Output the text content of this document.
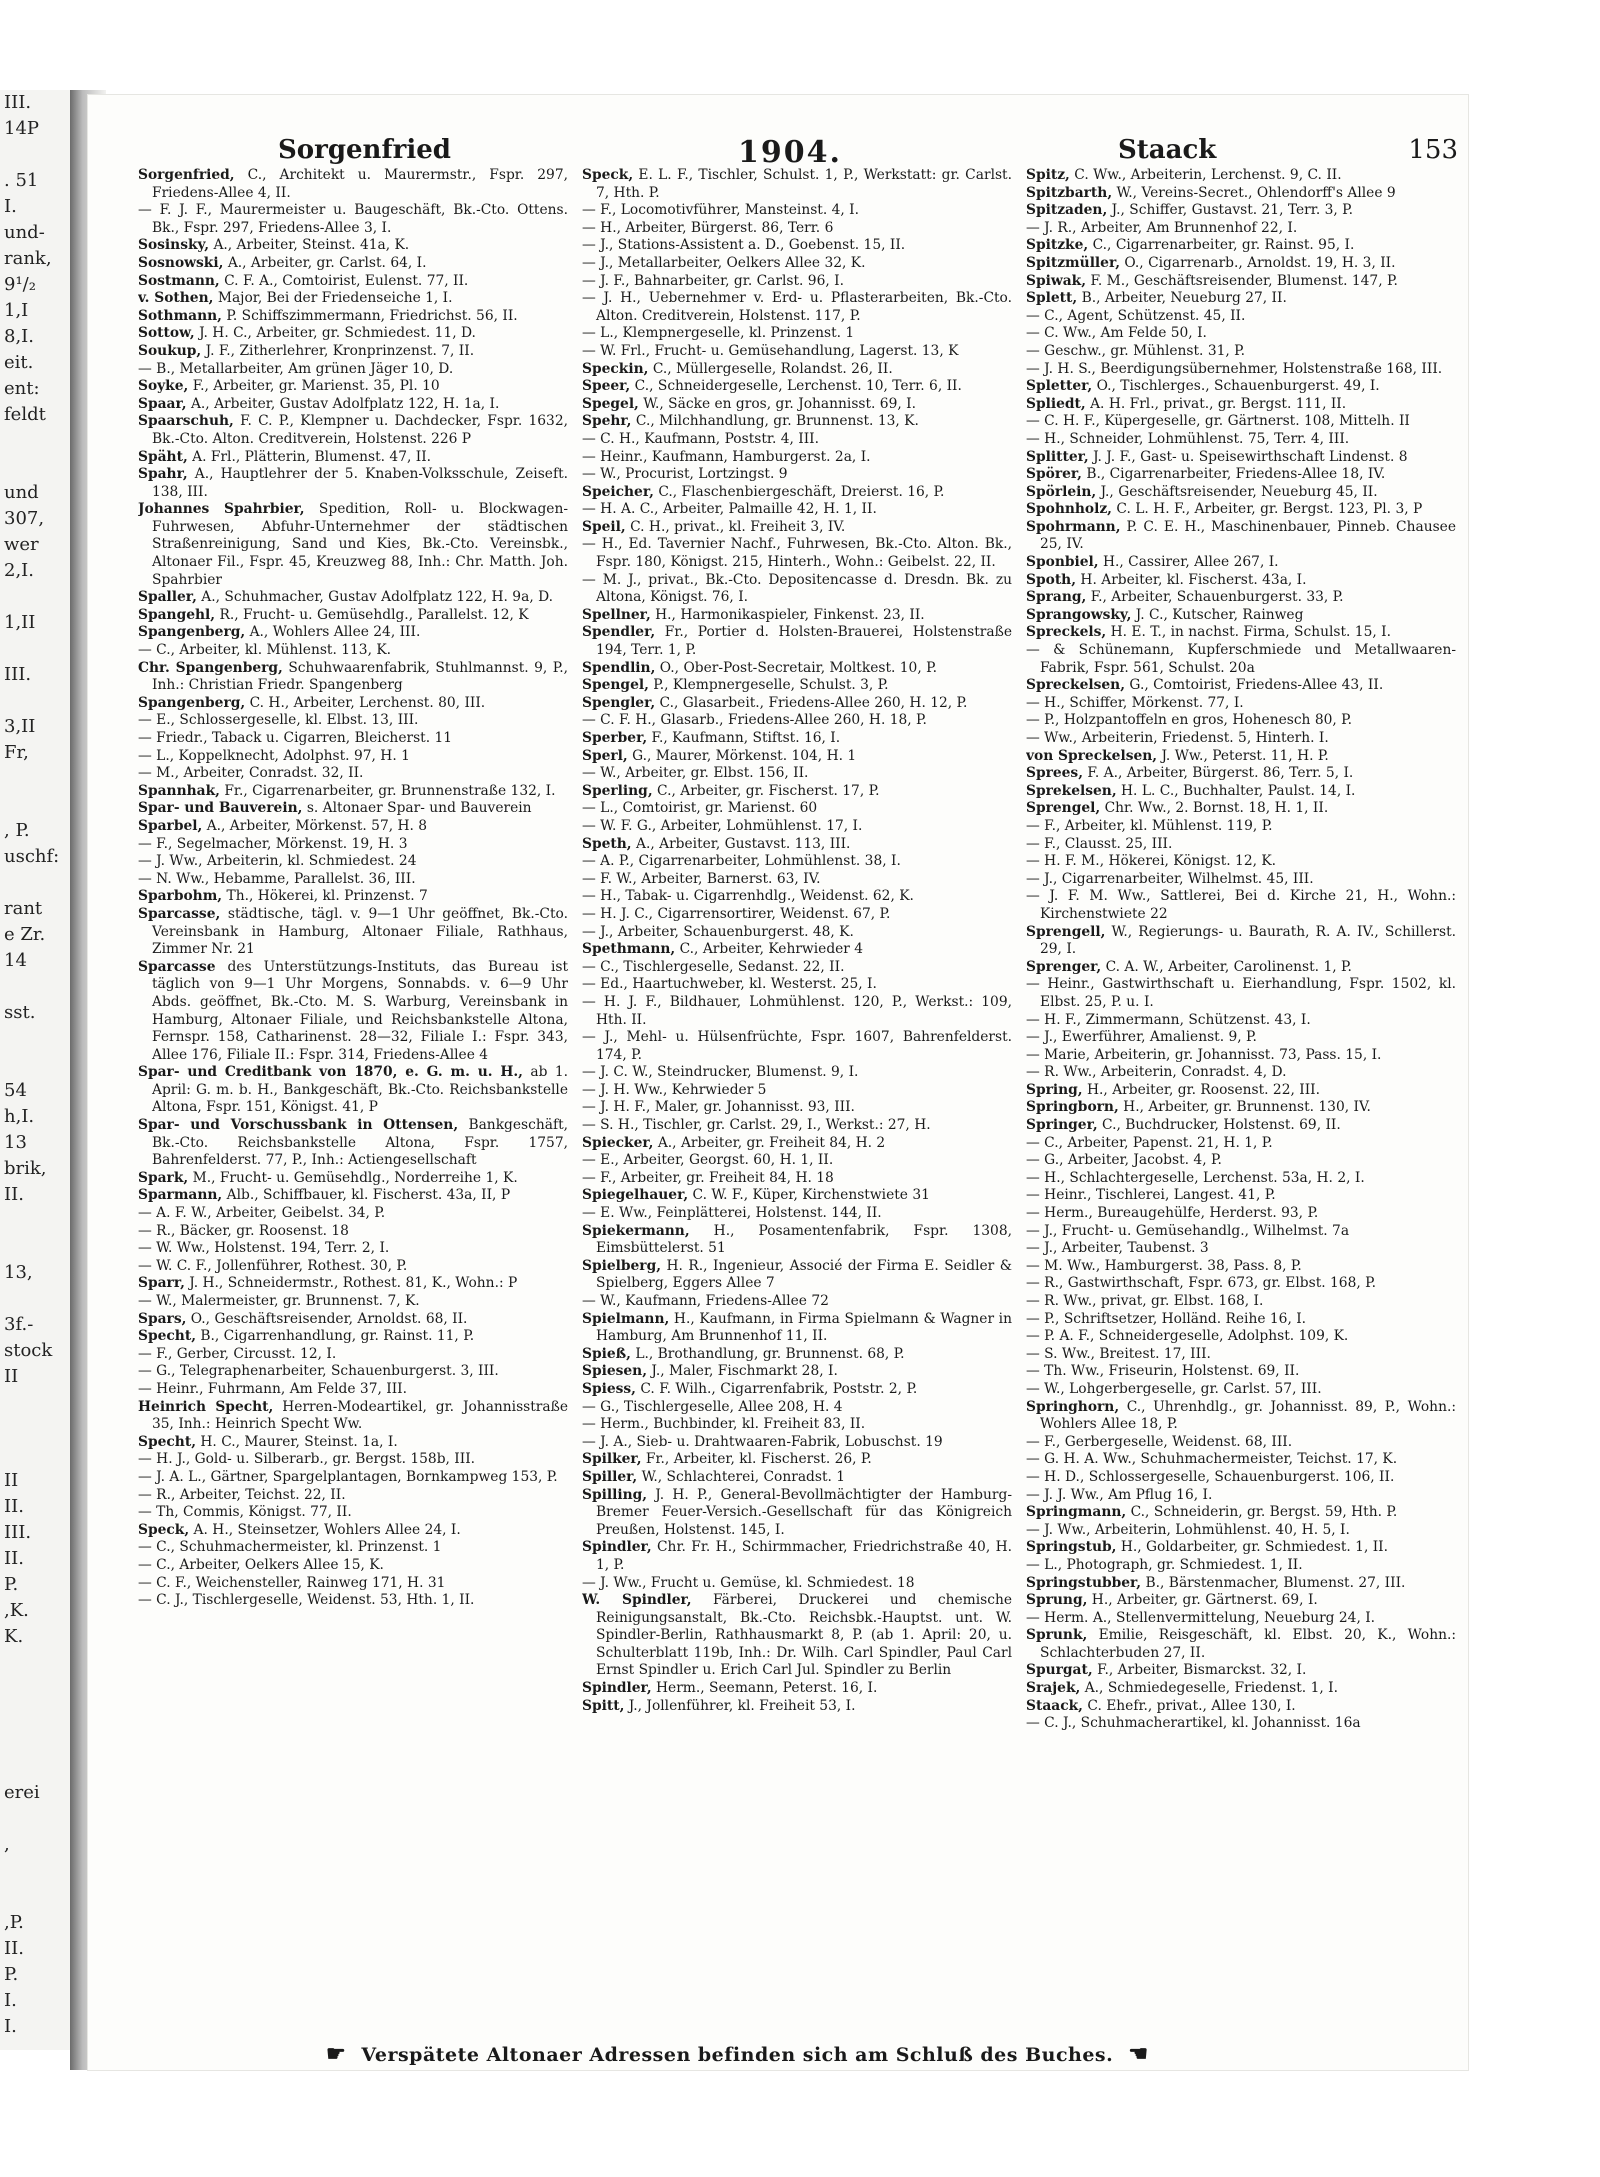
III.
14P

. 51
I.
und-
rank,
9¹/₂
1,I
8,I.
eit.
ent:
feldt

und
307,
wer
2,I.

1,II

III.

3,II
Fr,

, P.
uschf:

rant
e Zr.
14

sst.

54
h,I.
13
brik,
II.

13,

3f.-
stock
II

II
II.
III.
II.
P.
,K.
K.

erei

,

,P.
II.
P.
I.
I.
Sorgenfried	1904.	Staack	153

Sorgenfried, C., Architekt u. Maurermstr., Fspr. 297, Friedens-Allee 4, II.

— F. J. F., Maurermeister u. Baugeschäft, Bk.-Cto. Ottens. Bk., Fspr. 297, Friedens-Allee 3, I.

Sosinsky, A., Arbeiter, Steinst. 41a, K.

Sosnowski, A., Arbeiter, gr. Carlst. 64, I.

Sostmann, C. F. A., Comtoirist, Eulenst. 77, II.

v. Sothen, Major, Bei der Friedenseiche 1, I.

Sothmann, P. Schiffszimmermann, Friedrichst. 56, II.

Sottow, J. H. C., Arbeiter, gr. Schmiedest. 11, D.

Soukup, J. F., Zitherlehrer, Kronprinzenst. 7, II.

— B., Metallarbeiter, Am grünen Jäger 10, D.

Soyke, F., Arbeiter, gr. Marienst. 35, Pl. 10

Spaar, A., Arbeiter, Gustav Adolfplatz 122, H. 1a, I.

Spaarschuh, F. C. P., Klempner u. Dachdecker, Fspr. 1632, Bk.-Cto. Alton. Creditverein, Holstenst. 226 P

Späht, A. Frl., Plätterin, Blumenst. 47, II.

Spahr, A., Hauptlehrer der 5. Knaben-Volksschule, Zeiseft. 138, III.

Johannes Spahrbier, Spedition, Roll- u. Blockwagen-Fuhrwesen, Abfuhr-Unternehmer der städtischen Straßenreinigung, Sand und Kies, Bk.-Cto. Vereinsbk., Altonaer Fil., Fspr. 45, Kreuzweg 88, Inh.: Chr. Matth. Joh. Spahrbier

Spaller, A., Schuhmacher, Gustav Adolfplatz 122, H. 9a, D.

Spangehl, R., Frucht- u. Gemüsehdlg., Parallelst. 12, K

Spangenberg, A., Wohlers Allee 24, III.

— C., Arbeiter, kl. Mühlenst. 113, K.

Chr. Spangenberg, Schuhwaarenfabrik, Stuhlmannst. 9, P., Inh.: Christian Friedr. Spangenberg

Spangenberg, C. H., Arbeiter, Lerchenst. 80, III.

— E., Schlossergeselle, kl. Elbst. 13, III.

— Friedr., Taback u. Cigarren, Bleicherst. 11

— L., Koppelknecht, Adolphst. 97, H. 1

— M., Arbeiter, Conradst. 32, II.

Spannhak, Fr., Cigarrenarbeiter, gr. Brunnenstraße 132, I.

Spar- und Bauverein, s. Altonaer Spar- und Bauverein

Sparbel, A., Arbeiter, Mörkenst. 57, H. 8

— F., Segelmacher, Mörkenst. 19, H. 3

— J. Ww., Arbeiterin, kl. Schmiedest. 24

— N. Ww., Hebamme, Parallelst. 36, III.

Sparbohm, Th., Hökerei, kl. Prinzenst. 7

Sparcasse, städtische, tägl. v. 9—1 Uhr geöffnet, Bk.-Cto. Vereinsbank in Hamburg, Altonaer Filiale, Rathhaus, Zimmer Nr. 21

Sparcasse des Unterstützungs-Instituts, das Bureau ist täglich von 9—1 Uhr Morgens, Sonnabds. v. 6—9 Uhr Abds. geöffnet, Bk.-Cto. M. S. Warburg, Vereinsbank in Hamburg, Altonaer Filiale, und Reichsbankstelle Altona, Fernspr. 158, Catharinenst. 28—32, Filiale I.: Fspr. 343, Allee 176, Filiale II.: Fspr. 314, Friedens-Allee 4

Spar- und Creditbank von 1870, e. G. m. u. H., ab 1. April: G. m. b. H., Bankgeschäft, Bk.-Cto. Reichsbankstelle Altona, Fspr. 151, Königst. 41, P

Spar- und Vorschussbank in Ottensen, Bankgeschäft, Bk.-Cto. Reichsbankstelle Altona, Fspr. 1757, Bahrenfelderst. 77, P., Inh.: Actiengesellschaft

Spark, M., Frucht- u. Gemüsehdlg., Norderreihe 1, K.

Sparmann, Alb., Schiffbauer, kl. Fischerst. 43a, II, P

— A. F. W., Arbeiter, Geibelst. 34, P.

— R., Bäcker, gr. Roosenst. 18

— W. Ww., Holstenst. 194, Terr. 2, I.

— W. C. F., Jollenführer, Rothest. 30, P.

Sparr, J. H., Schneidermstr., Rothest. 81, K., Wohn.: P

— W., Malermeister, gr. Brunnenst. 7, K.

Spars, O., Geschäftsreisender, Arnoldst. 68, II.

Specht, B., Cigarrenhandlung, gr. Rainst. 11, P.

— F., Gerber, Circusst. 12, I.

— G., Telegraphenarbeiter, Schauenburgerst. 3, III.

— Heinr., Fuhrmann, Am Felde 37, III.

Heinrich Specht, Herren-Modeartikel, gr. Johannisstraße 35, Inh.: Heinrich Specht Ww.

Specht, H. C., Maurer, Steinst. 1a, I.

— H. J., Gold- u. Silberarb., gr. Bergst. 158b, III.

— J. A. L., Gärtner, Spargelplantagen, Bornkampweg 153, P.

— R., Arbeiter, Teichst. 22, II.

— Th, Commis, Königst. 77, II.

Speck, A. H., Steinsetzer, Wohlers Allee 24, I.

— C., Schuhmachermeister, kl. Prinzenst. 1

— C., Arbeiter, Oelkers Allee 15, K.

— C. F., Weichensteller, Rainweg 171, H. 31

— C. J., Tischlergeselle, Weidenst. 53, Hth. 1, II.

Speck, E. L. F., Tischler, Schulst. 1, P., Werkstatt: gr. Carlst. 7, Hth. P.

— F., Locomotivführer, Mansteinst. 4, I.

— H., Arbeiter, Bürgerst. 86, Terr. 6

— J., Stations-Assistent a. D., Goebenst. 15, II.

— J., Metallarbeiter, Oelkers Allee 32, K.

— J. F., Bahnarbeiter, gr. Carlst. 96, I.

— J. H., Uebernehmer v. Erd- u. Pflasterarbeiten, Bk.-Cto. Alton. Creditverein, Holstenst. 117, P.

— L., Klempnergeselle, kl. Prinzenst. 1

— W. Frl., Frucht- u. Gemüsehandlung, Lagerst. 13, K

Speckin, C., Müllergeselle, Rolandst. 26, II.

Speer, C., Schneidergeselle, Lerchenst. 10, Terr. 6, II.

Spegel, W., Säcke en gros, gr. Johannisst. 69, I.

Spehr, C., Milchhandlung, gr. Brunnenst. 13, K.

— C. H., Kaufmann, Poststr. 4, III.

— Heinr., Kaufmann, Hamburgerst. 2a, I.

— W., Procurist, Lortzingst. 9

Speicher, C., Flaschenbiergeschäft, Dreierst. 16, P.

— H. A. C., Arbeiter, Palmaille 42, H. 1, II.

Speil, C. H., privat., kl. Freiheit 3, IV.

— H., Ed. Tavernier Nachf., Fuhrwesen, Bk.-Cto. Alton. Bk., Fspr. 180, Königst. 215, Hinterh., Wohn.: Geibelst. 22, II.

— M. J., privat., Bk.-Cto. Depositencasse d. Dresdn. Bk. zu Altona, Königst. 76, I.

Spellner, H., Harmonikaspieler, Finkenst. 23, II.

Spendler, Fr., Portier d. Holsten-Brauerei, Holstenstraße 194, Terr. 1, P.

Spendlin, O., Ober-Post-Secretair, Moltkest. 10, P.

Spengel, P., Klempnergeselle, Schulst. 3, P.

Spengler, C., Glasarbeit., Friedens-Allee 260, H. 12, P.

— C. F. H., Glasarb., Friedens-Allee 260, H. 18, P.

Sperber, F., Kaufmann, Stiftst. 16, I.

Sperl, G., Maurer, Mörkenst. 104, H. 1

— W., Arbeiter, gr. Elbst. 156, II.

Sperling, C., Arbeiter, gr. Fischerst. 17, P.

— L., Comtoirist, gr. Marienst. 60

— W. F. G., Arbeiter, Lohmühlenst. 17, I.

Speth, A., Arbeiter, Gustavst. 113, III.

— A. P., Cigarrenarbeiter, Lohmühlenst. 38, I.

— F. W., Arbeiter, Barnerst. 63, IV.

— H., Tabak- u. Cigarrenhdlg., Weidenst. 62, K.

— H. J. C., Cigarrensortirer, Weidenst. 67, P.

— J., Arbeiter, Schauenburgerst. 48, K.

Spethmann, C., Arbeiter, Kehrwieder 4

— C., Tischlergeselle, Sedanst. 22, II.

— Ed., Haartuchweber, kl. Westerst. 25, I.

— H. J. F., Bildhauer, Lohmühlenst. 120, P., Werkst.: 109, Hth. II.

— J., Mehl- u. Hülsenfrüchte, Fspr. 1607, Bahrenfelderst. 174, P.

— J. C. W., Steindrucker, Blumenst. 9, I.

— J. H. Ww., Kehrwieder 5

— J. H. F., Maler, gr. Johannisst. 93, III.

— S. H., Tischler, gr. Carlst. 29, I., Werkst.: 27, H.

Spiecker, A., Arbeiter, gr. Freiheit 84, H. 2

— E., Arbeiter, Georgst. 60, H. 1, II.

— F., Arbeiter, gr. Freiheit 84, H. 18

Spiegelhauer, C. W. F., Küper, Kirchenstwiete 31

— E. Ww., Feinplätterei, Holstenst. 144, II.

Spiekermann, H., Posamentenfabrik, Fspr. 1308, Eimsbüttelerst. 51

Spielberg, H. R., Ingenieur, Associé der Firma E. Seidler & Spielberg, Eggers Allee 7

— W., Kaufmann, Friedens-Allee 72

Spielmann, H., Kaufmann, in Firma Spielmann & Wagner in Hamburg, Am Brunnenhof 11, II.

Spieß, L., Brothandlung, gr. Brunnenst. 68, P.

Spiesen, J., Maler, Fischmarkt 28, I.

Spiess, C. F. Wilh., Cigarrenfabrik, Poststr. 2, P.

— G., Tischlergeselle, Allee 208, H. 4

— Herm., Buchbinder, kl. Freiheit 83, II.

— J. A., Sieb- u. Drahtwaaren-Fabrik, Lobuschst. 19

Spilker, Fr., Arbeiter, kl. Fischerst. 26, P.

Spiller, W., Schlachterei, Conradst. 1

Spilling, J. H. P., General-Bevollmächtigter der Hamburg-Bremer Feuer-Versich.-Gesellschaft für das Königreich Preußen, Holstenst. 145, I.

Spindler, Chr. Fr. H., Schirmmacher, Friedrichstraße 40, H. 1, P.

— J. Ww., Frucht u. Gemüse, kl. Schmiedest. 18

W. Spindler, Färberei, Druckerei und chemische Reinigungsanstalt, Bk.-Cto. Reichsbk.-Hauptst. unt. W. Spindler-Berlin, Rathhausmarkt 8, P. (ab 1. April: 20, u. Schulterblatt 119b, Inh.: Dr. Wilh. Carl Spindler, Paul Carl Ernst Spindler u. Erich Carl Jul. Spindler zu Berlin

Spindler, Herm., Seemann, Peterst. 16, I.

Spitt, J., Jollenführer, kl. Freiheit 53, I.

Spitz, C. Ww., Arbeiterin, Lerchenst. 9, C. II.

Spitzbarth, W., Vereins-Secret., Ohlendorff's Allee 9

Spitzaden, J., Schiffer, Gustavst. 21, Terr. 3, P.

— J. R., Arbeiter, Am Brunnenhof 22, I.

Spitzke, C., Cigarrenarbeiter, gr. Rainst. 95, I.

Spitzmüller, O., Cigarrenarb., Arnoldst. 19, H. 3, II.

Spiwak, F. M., Geschäftsreisender, Blumenst. 147, P.

Splett, B., Arbeiter, Neueburg 27, II.

— C., Agent, Schützenst. 45, II.

— C. Ww., Am Felde 50, I.

— Geschw., gr. Mühlenst. 31, P.

— J. H. S., Beerdigungsübernehmer, Holstenstraße 168, III.

Spletter, O., Tischlerges., Schauenburgerst. 49, I.

Spliedt, A. H. Frl., privat., gr. Bergst. 111, II.

— C. H. F., Küpergeselle, gr. Gärtnerst. 108, Mittelh. II

— H., Schneider, Lohmühlenst. 75, Terr. 4, III.

Splitter, J. J. F., Gast- u. Speisewirthschaft Lindenst. 8

Spörer, B., Cigarrenarbeiter, Friedens-Allee 18, IV.

Spörlein, J., Geschäftsreisender, Neueburg 45, II.

Spohnholz, C. L. H. F., Arbeiter, gr. Bergst. 123, Pl. 3, P

Spohrmann, P. C. E. H., Maschinenbauer, Pinneb. Chausee 25, IV.

Sponbiel, H., Cassirer, Allee 267, I.

Spoth, H. Arbeiter, kl. Fischerst. 43a, I.

Sprang, F., Arbeiter, Schauenburgerst. 33, P.

Sprangowsky, J. C., Kutscher, Rainweg

Spreckels, H. E. T., in nachst. Firma, Schulst. 15, I.

— & Schünemann, Kupferschmiede und Metallwaaren-Fabrik, Fspr. 561, Schulst. 20a

Spreckelsen, G., Comtoirist, Friedens-Allee 43, II.

— H., Schiffer, Mörkenst. 77, I.

— P., Holzpantoffeln en gros, Hohenesch 80, P.

— Ww., Arbeiterin, Friedenst. 5, Hinterh. I.

von Spreckelsen, J. Ww., Peterst. 11, H. P.

Sprees, F. A., Arbeiter, Bürgerst. 86, Terr. 5, I.

Sprekelsen, H. L. C., Buchhalter, Paulst. 14, I.

Sprengel, Chr. Ww., 2. Bornst. 18, H. 1, II.

— F., Arbeiter, kl. Mühlenst. 119, P.

— F., Clausst. 25, III.

— H. F. M., Hökerei, Königst. 12, K.

— J., Cigarrenarbeiter, Wilhelmst. 45, III.

— J. F. M. Ww., Sattlerei, Bei d. Kirche 21, H., Wohn.: Kirchenstwiete 22

Sprengell, W., Regierungs- u. Baurath, R. A. IV., Schillerst. 29, I.

Sprenger, C. A. W., Arbeiter, Carolinenst. 1, P.

— Heinr., Gastwirthschaft u. Eierhandlung, Fspr. 1502, kl. Elbst. 25, P. u. I.

— H. F., Zimmermann, Schützenst. 43, I.

— J., Ewerführer, Amalienst. 9, P.

— Marie, Arbeiterin, gr. Johannisst. 73, Pass. 15, I.

— R. Ww., Arbeiterin, Conradst. 4, D.

Spring, H., Arbeiter, gr. Roosenst. 22, III.

Springborn, H., Arbeiter, gr. Brunnenst. 130, IV.

Springer, C., Buchdrucker, Holstenst. 69, II.

— C., Arbeiter, Papenst. 21, H. 1, P.

— G., Arbeiter, Jacobst. 4, P.

— H., Schlachtergeselle, Lerchenst. 53a, H. 2, I.

— Heinr., Tischlerei, Langest. 41, P.

— Herm., Bureaugehülfe, Herderst. 93, P.

— J., Frucht- u. Gemüsehandlg., Wilhelmst. 7a

— J., Arbeiter, Taubenst. 3

— M. Ww., Hamburgerst. 38, Pass. 8, P.

— R., Gastwirthschaft, Fspr. 673, gr. Elbst. 168, P.

— R. Ww., privat, gr. Elbst. 168, I.

— P., Schriftsetzer, Holländ. Reihe 16, I.

— P. A. F., Schneidergeselle, Adolphst. 109, K.

— S. Ww., Breitest. 17, III.

— Th. Ww., Friseurin, Holstenst. 69, II.

— W., Lohgerbergeselle, gr. Carlst. 57, III.

Springhorn, C., Uhrenhdlg., gr. Johannisst. 89, P., Wohn.: Wohlers Allee 18, P.

— F., Gerbergeselle, Weidenst. 68, III.

— G. H. A. Ww., Schuhmachermeister, Teichst. 17, K.

— H. D., Schlossergeselle, Schauenburgerst. 106, II.

— J. J. Ww., Am Pflug 16, I.

Springmann, C., Schneiderin, gr. Bergst. 59, Hth. P.

— J. Ww., Arbeiterin, Lohmühlenst. 40, H. 5, I.

Springstub, H., Goldarbeiter, gr. Schmiedest. 1, II.

— L., Photograph, gr. Schmiedest. 1, II.

Springstubber, B., Bärstenmacher, Blumenst. 27, III.

Sprung, H., Arbeiter, gr. Gärtnerst. 69, I.

— Herm. A., Stellenvermittelung, Neueburg 24, I.

Sprunk, Emilie, Reisgeschäft, kl. Elbst. 20, K., Wohn.: Schlachterbuden 27, II.

Spurgat, F., Arbeiter, Bismarckst. 32, I.

Srajek, A., Schmiedegeselle, Friedenst. 1, I.

Staack, C. Ehefr., privat., Allee 130, I.

— C. J., Schuhmacherartikel, kl. Johannisst. 16a

☛ Verspätete Altonaer Adressen befinden sich am Schluß des Buches. ☚
